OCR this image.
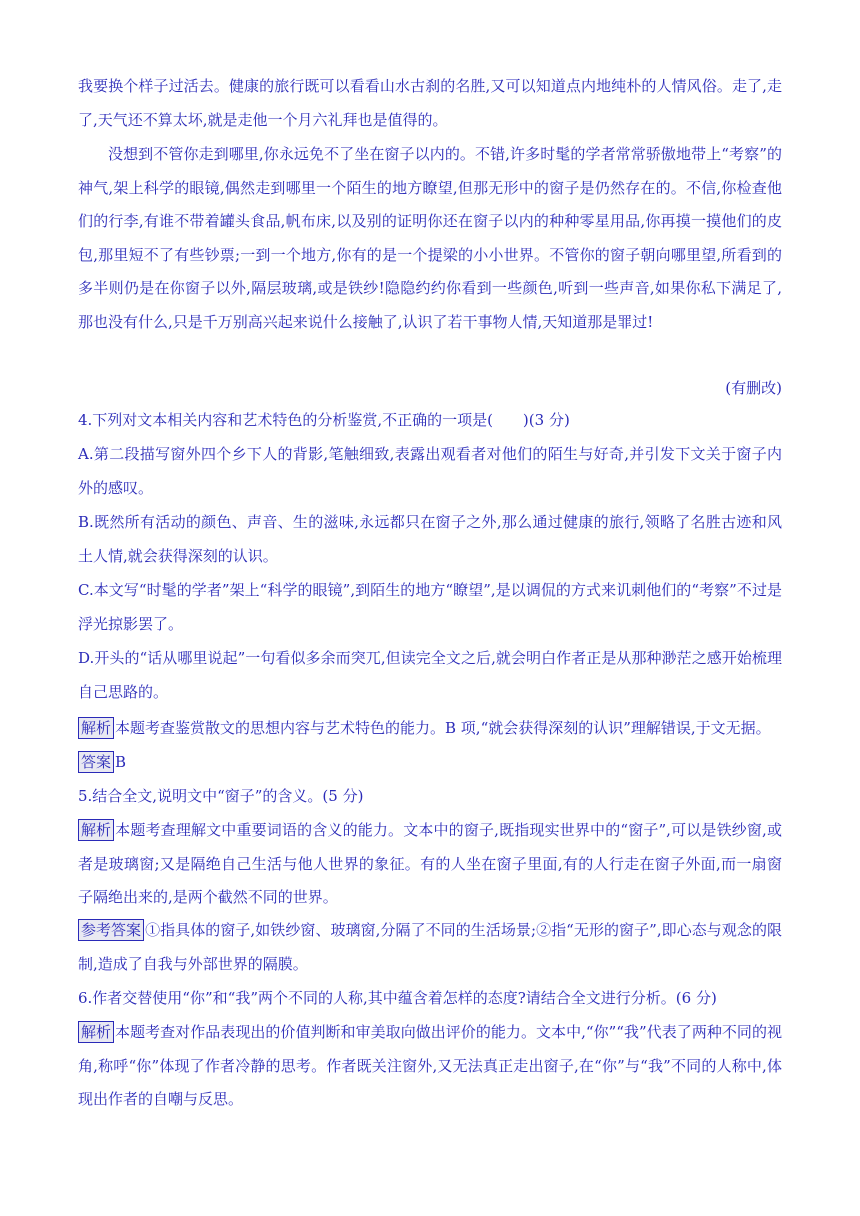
我要换个样子过活去。健康的旅行既可以看看山水古刹的名胜,又可以知道点内地纯朴的人情风俗。走了,走了,天气还不算太坏,就是走他一个月六礼拜也是值得的。

没想到不管你走到哪里,你永远免不了坐在窗子以内的。不错,许多时髦的学者常常骄傲地带上“考察”的神气,架上科学的眼镜,偶然走到哪里一个陌生的地方瞭望,但那无形中的窗子是仍然存在的。不信,你检查他们的行李,有谁不带着罐头食品,帆布床,以及别的证明你还在窗子以内的种种零星用品,你再摸一摸他们的皮包,那里短不了有些钞票;一到一个地方,你有的是一个提梁的小小世界。不管你的窗子朝向哪里望,所看到的多半则仍是在你窗子以外,隔层玻璃,或是铁纱!隐隐约约你看到一些颜色,听到一些声音,如果你私下满足了,那也没有什么,只是千万别高兴起来说什么接触了,认识了若干事物人情,天知道那是罪过!

(有删改)

4.下列对文本相关内容和艺术特色的分析鉴赏,不正确的一项是(　　)(3 分)

A.第二段描写窗外四个乡下人的背影,笔触细致,表露出观看者对他们的陌生与好奇,并引发下文关于窗子内外的感叹。

B.既然所有活动的颜色、声音、生的滋味,永远都只在窗子之外,那么通过健康的旅行,领略了名胜古迹和风土人情,就会获得深刻的认识。

C.本文写“时髦的学者”架上“科学的眼镜”,到陌生的地方“瞭望”,是以调侃的方式来讥刺他们的“考察”不过是浮光掠影罢了。

D.开头的“话从哪里说起”一句看似多余而突兀,但读完全文之后,就会明白作者正是从那种渺茫之感开始梳理自己思路的。

解析 本题考查鉴赏散文的思想内容与艺术特色的能力。B 项,“就会获得深刻的认识”理解错误,于文无据。

答案 B

5.结合全文,说明文中“窗子”的含义。(5 分)

解析 本题考查理解文中重要词语的含义的能力。文本中的窗子,既指现实世界中的“窗子”,可以是铁纱窗,或者是玻璃窗;又是隔绝自己生活与他人世界的象征。有的人坐在窗子里面,有的人行走在窗子外面,而一扇窗子隔绝出来的,是两个截然不同的世界。

参考答案 ①指具体的窗子,如铁纱窗、玻璃窗,分隔了不同的生活场景;②指“无形的窗子”,即心态与观念的限制,造成了自我与外部世界的隔膜。

6.作者交替使用“你”和“我”两个不同的人称,其中蕴含着怎样的态度?请结合全文进行分析。(6 分)

解析 本题考查对作品表现出的价值判断和审美取向做出评价的能力。文本中,“你”“我”代表了两种不同的视角,称呼“你”体现了作者冷静的思考。作者既关注窗外,又无法真正走出窗子,在“你”与“我”不同的人称中,体现出作者的自嘲与反思。
